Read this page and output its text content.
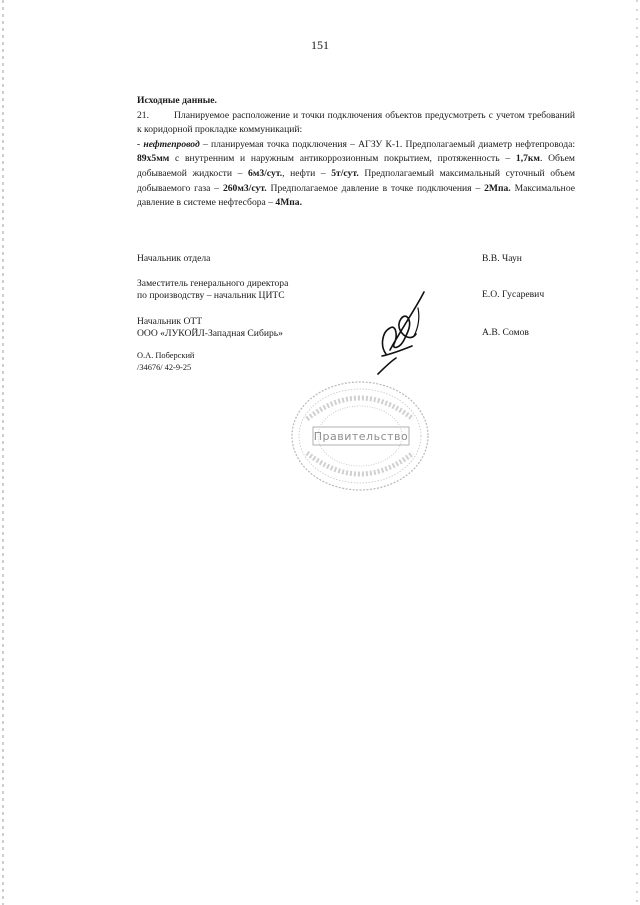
151
Исходные данные.
21.	Планируемое расположение и точки подключения объектов предусмотреть с учетом требований к коридорной прокладке коммуникаций:
- нефтепровод – планируемая точка подключения – АГЗУ К-1. Предполагаемый диаметр нефтепровода: 89х5мм с внутренним и наружным антикоррозионным покрытием, протяженность – 1,7км. Объем добываемой жидкости – 6м3/сут., нефти – 5т/сут. Предполагаемый максимальный суточный объем добываемого газа – 260м3/сут. Предполагаемое давление в точке подключения – 2Мпа. Максимальное давление в системе нефтесбора – 4Мпа.
Начальник отдела	В.В. Чаун
Заместитель генерального директора
по производству – начальник ЦИТС	Е.О. Гусаревич
Начальник ОТТ
ООО «ЛУКОЙЛ-Западная Сибирь»	А.В. Сомов
О.А. Поберский
/34676/ 42-9-25
Правительство
